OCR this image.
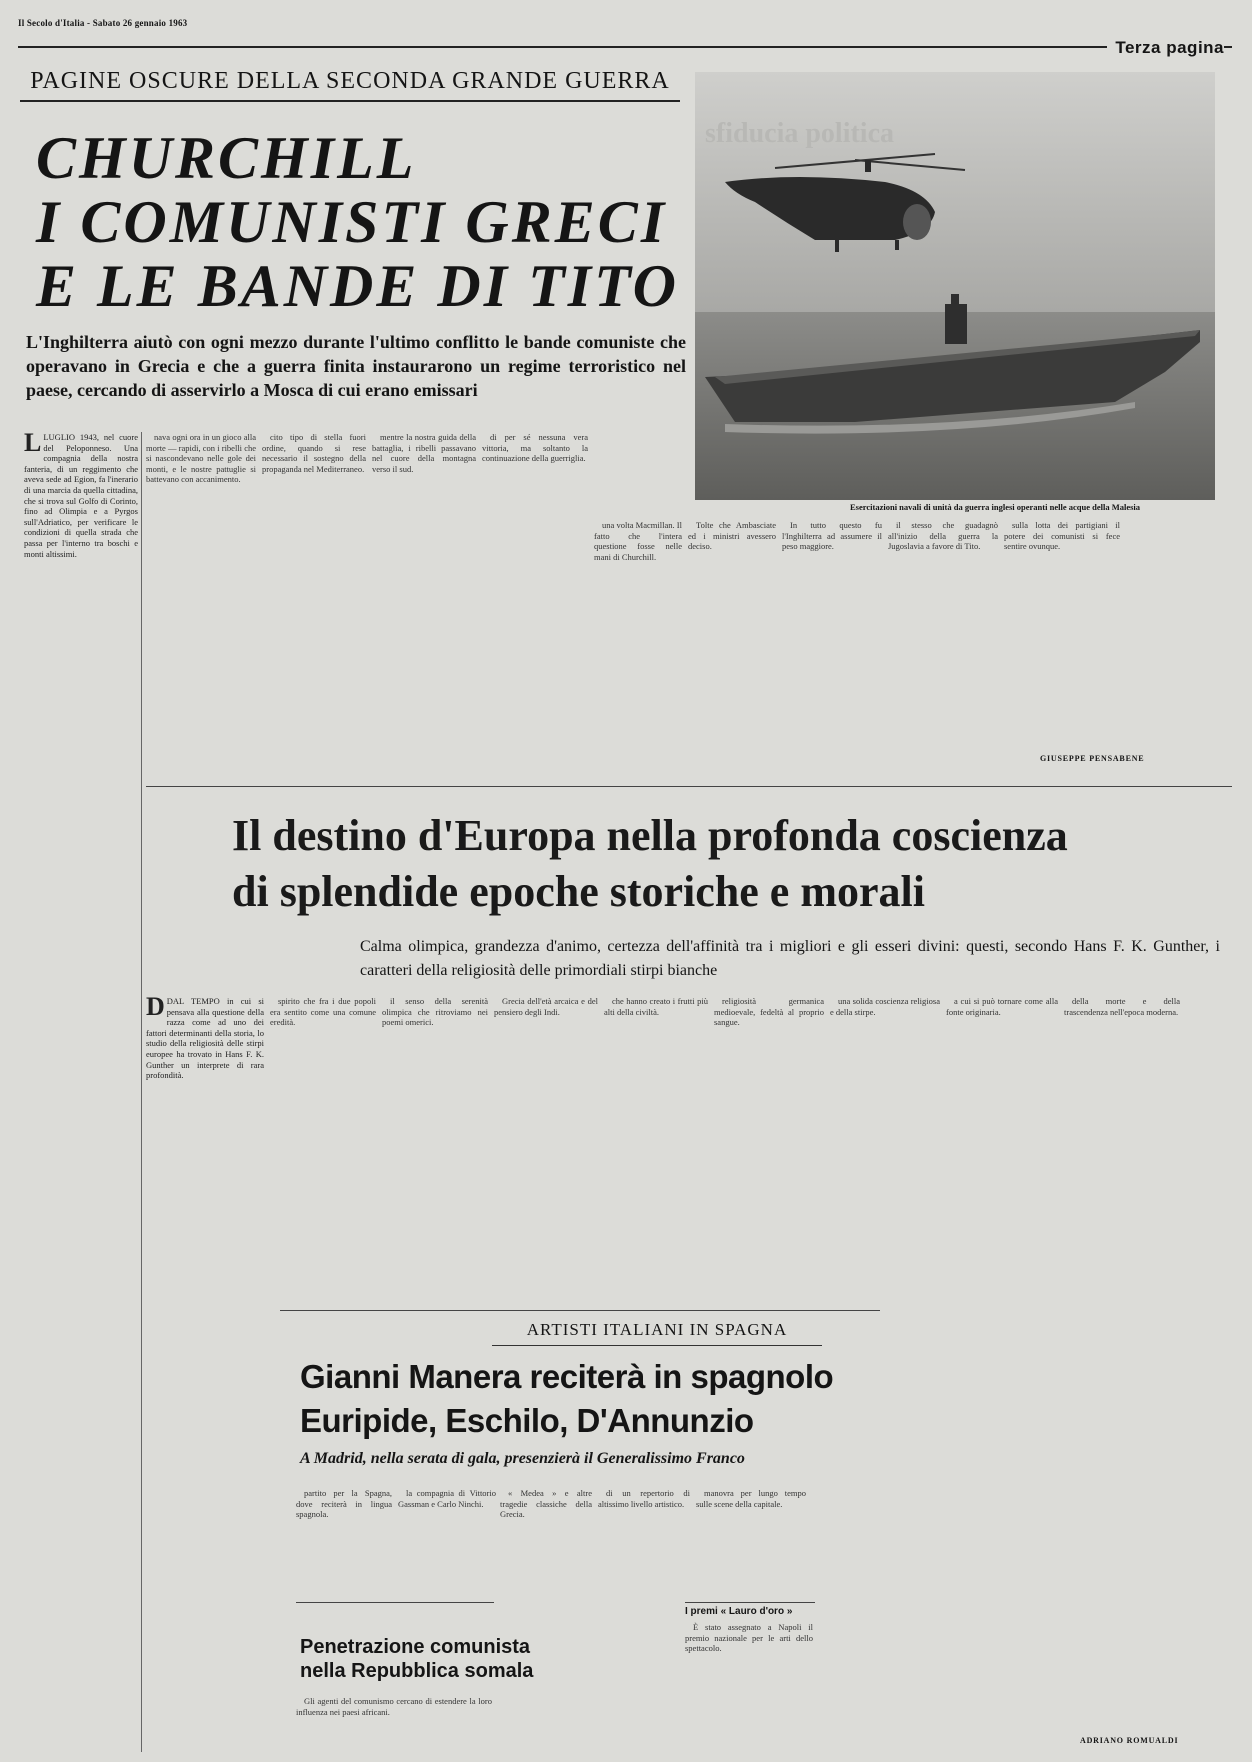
Il Secolo d'Italia - Sabato 26 gennaio 1963
Terza pagina
PAGINE OSCURE DELLA SECONDA GRANDE GUERRA
CHURCHILL
I COMUNISTI GRECI
E LE BANDE DI TITO
L'Inghilterra aiutò con ogni mezzo durante l'ultimo conflitto le bande comuniste che operavano in Grecia e che a guerra finita instaurarono un regime terroristico nel paese, cercando di asservirlo a Mosca di cui erano emissari
sfiducia politica
Esercitazioni navali di unità da guerra inglesi operanti nelle acque della Malesia
LLUGLIO 1943, nel cuore del Peloponneso. Una compagnia della nostra fanteria, di un reggimento che aveva sede ad Egion, fa l'inerario di una marcia da quella cittadina, che si trova sul Golfo di Corinto, fino ad Olimpia e a Pyrgos sull'Adriatico, per verificare le condizioni di quella strada che passa per l'interno tra boschi e monti altissimi.

nava ogni ora in un gioco alla morte — rapidi, con i ribelli che si nascondevano nelle gole dei monti, e le nostre pattuglie si battevano con accanimento.

cito tipo di stella fuori ordine, quando si rese necessario il sostegno della propaganda nel Mediterraneo.

mentre la nostra guida della battaglia, i ribelli passavano nel cuore della montagna verso il sud.

di per sé nessuna vera vittoria, ma soltanto la continuazione della guerriglia.

una volta Macmillan. Il fatto che l'intera questione fosse nelle mani di Churchill.

Tolte che Ambasciate ed i ministri avessero deciso.

In tutto questo fu l'Inghilterra ad assumere il peso maggiore.

il stesso che guadagnò all'inizio della guerra la Jugoslavia a favore di Tito.

sulla lotta dei partigiani il potere dei comunisti si fece sentire ovunque.

GIUSEPPE PENSABENE
Il destino d'Europa nella profonda coscienza
di splendide epoche storiche e morali
Calma olimpica, grandezza d'animo, certezza dell'affinità tra i migliori e gli esseri divini: questi, secondo Hans F. K. Gunther, i caratteri della religiosità delle primordiali stirpi bianche
DDAL TEMPO in cui si pensava alla questione della razza come ad uno dei fattori determinanti della storia, lo studio della religiosità delle stirpi europee ha trovato in Hans F. K. Gunther un interprete di rara profondità.

spirito che fra i due popoli era sentito come una comune eredità.

il senso della serenità olimpica che ritroviamo nei poemi omerici.

Grecia dell'età arcaica e del pensiero degli Indi.

che hanno creato i frutti più alti della civiltà.

religiosità germanica medioevale, fedeltà al proprio sangue.

una solida coscienza religiosa e della stirpe.

a cui si può tornare come alla fonte originaria.

della morte e della trascendenza nell'epoca moderna.

ADRIANO ROMUALDI
ARTISTI ITALIANI IN SPAGNA
Gianni Manera reciterà in spagnolo
Euripide, Eschilo, D'Annunzio
A Madrid, nella serata di gala, presenzierà il Generalissimo Franco

partito per la Spagna, dove reciterà in lingua spagnola.

la compagnia di Vittorio Gassman e Carlo Ninchi.

« Medea » e altre tragedie classiche della Grecia.

di un repertorio di altissimo livello artistico.

manovra per lungo tempo sulle scene della capitale.

Penetrazione comunista
nella Repubblica somala

Gli agenti del comunismo cercano di estendere la loro influenza nei paesi africani.

I premi « Lauro d'oro »

È stato assegnato a Napoli il premio nazionale per le arti dello spettacolo.
